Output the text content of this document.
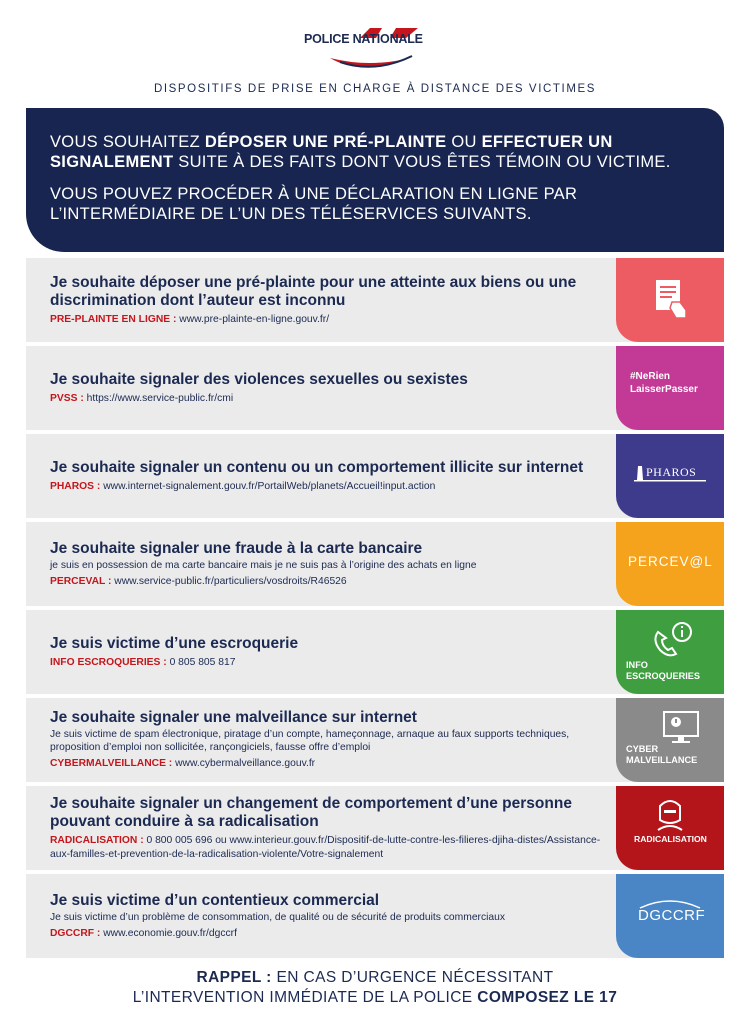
POLICE NATIONALE
DISPOSITIFS DE PRISE EN CHARGE À DISTANCE DES VICTIMES

VOUS SOUHAITEZ DÉPOSER UNE PRÉ-PLAINTE OU EFFECTUER UN SIGNALEMENT SUITE À DES FAITS DONT VOUS ÊTES TÉMOIN OU VICTIME.

VOUS POUVEZ PROCÉDER À UNE DÉCLARATION EN LIGNE PAR L’INTERMÉDIAIRE DE L’UN DES TÉLÉSERVICES SUIVANTS.

Je souhaite déposer une pré-plainte pour une atteinte aux biens ou une discrimination dont l’auteur est inconnu
PRE-PLAINTE EN LIGNE : www.pre-plainte-en-ligne.gouv.fr/
Je souhaite signaler des violences sexuelles ou sexistes
PVSS : https://www.service-public.fr/cmi
#NeRien LaisserPasser
Je souhaite signaler un contenu ou un comportement illicite sur internet
PHAROS : www.internet-signalement.gouv.fr/PortailWeb/planets/Accueil!input.action
PHAROS
Je souhaite signaler une fraude à la carte bancaire
je suis en possession de ma carte bancaire mais je ne suis pas à l’origine des achats en ligne
PERCEVAL : www.service-public.fr/particuliers/vosdroits/R46526
PERCEV@L
Je suis victime d’une escroquerie
INFO ESCROQUERIES : 0 805 805 817	INFO ESCROQUERIES
Je souhaite signaler une malveillance sur internet
Je suis victime de spam électronique, piratage d’un compte, hameçonnage, arnaque au faux supports techniques, proposition d’emploi non sollicitée, rançongiciels, fausse offre d’emploi
CYBERMALVEILLANCE : www.cybermalveillance.gouv.fr
CYBER MALVEILLANCE
Je souhaite signaler un changement de comportement d’une personne pouvant conduire à sa radicalisation
RADICALISATION : 0 800 005 696 ou www.interieur.gouv.fr/Dispositif-de-lutte-contre-les-filieres-djiha-distes/Assistance-aux-familles-et-prevention-de-la-radicalisation-violente/Votre-signalement
RADICALISATION
Je suis victime d’un contentieux commercial
Je suis victime d’un problème de consommation, de qualité ou de sécurité de produits commerciaux
DGCCRF : www.economie.gouv.fr/dgccrf
DGCCRF
RAPPEL : EN CAS D’URGENCE NÉCESSITANT
L’INTERVENTION IMMÉDIATE DE LA POLICE COMPOSEZ LE 17
